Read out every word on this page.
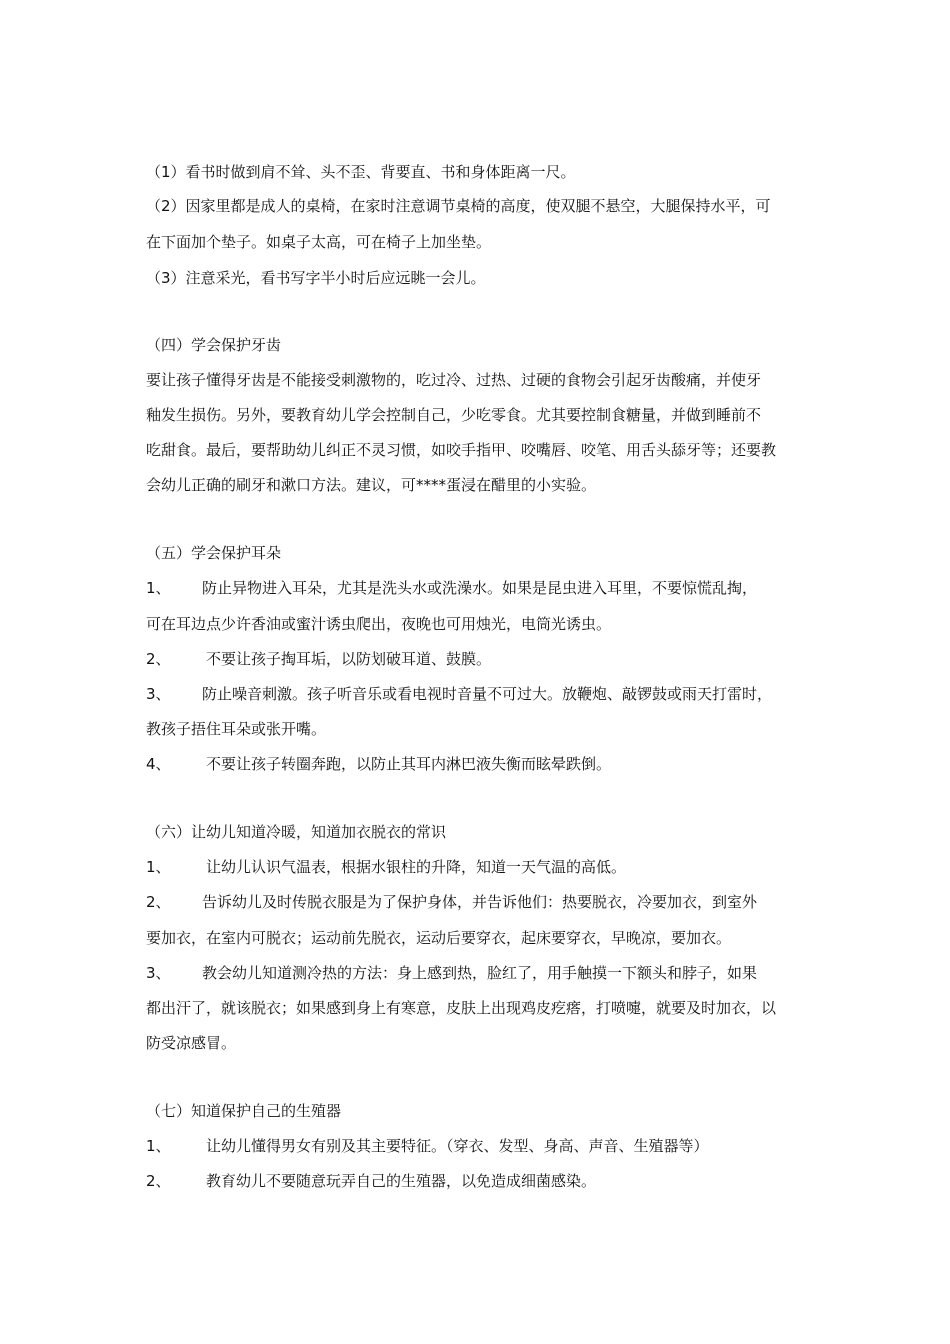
（1）看书时做到肩不耸、头不歪、背要直、书和身体距离一尺。
（2）因家里都是成人的桌椅，在家时注意调节桌椅的高度，使双腿不悬空，大腿保持水平，可
在下面加个垫子。如桌子太高，可在椅子上加坐垫。
（3）注意采光，看书写字半小时后应远眺一会儿。
（四）学会保护牙齿
要让孩子懂得牙齿是不能接受刺激物的，吃过冷、过热、过硬的食物会引起牙齿酸痛，并使牙
釉发生损伤。另外，要教育幼儿学会控制自己，少吃零食。尤其要控制食糖量，并做到睡前不
吃甜食。最后，要帮助幼儿纠正不灵习惯，如咬手指甲、咬嘴唇、咬笔、用舌头舔牙等；还要教
会幼儿正确的刷牙和漱口方法。建议，可****蛋浸在醋里的小实验。
（五）学会保护耳朵
1、 防止异物进入耳朵，尤其是洗头水或洗澡水。如果是昆虫进入耳里，不要惊慌乱掏，
可在耳边点少许香油或蜜汁诱虫爬出，夜晚也可用烛光，电筒光诱虫。
2、 不要让孩子掏耳垢，以防划破耳道、鼓膜。
3、 防止噪音刺激。孩子听音乐或看电视时音量不可过大。放鞭炮、敲锣鼓或雨天打雷时，
教孩子捂住耳朵或张开嘴。
4、 不要让孩子转圈奔跑，以防止其耳内淋巴液失衡而眩晕跌倒。
（六）让幼儿知道冷暖，知道加衣脱衣的常识
1、 让幼儿认识气温表，根据水银柱的升降，知道一天气温的高低。
2、 告诉幼儿及时传脱衣服是为了保护身体，并告诉他们：热要脱衣，冷要加衣，到室外
要加衣，在室内可脱衣；运动前先脱衣，运动后要穿衣，起床要穿衣，早晚凉，要加衣。
3、 教会幼儿知道测冷热的方法：身上感到热，脸红了，用手触摸一下额头和脖子，如果
都出汗了，就该脱衣；如果感到身上有寒意，皮肤上出现鸡皮疙瘩，打喷嚏，就要及时加衣，以
防受凉感冒。
（七）知道保护自己的生殖器
1、 让幼儿懂得男女有别及其主要特征。（穿衣、发型、身高、声音、生殖器等）
2、 教育幼儿不要随意玩弄自己的生殖器，以免造成细菌感染。
